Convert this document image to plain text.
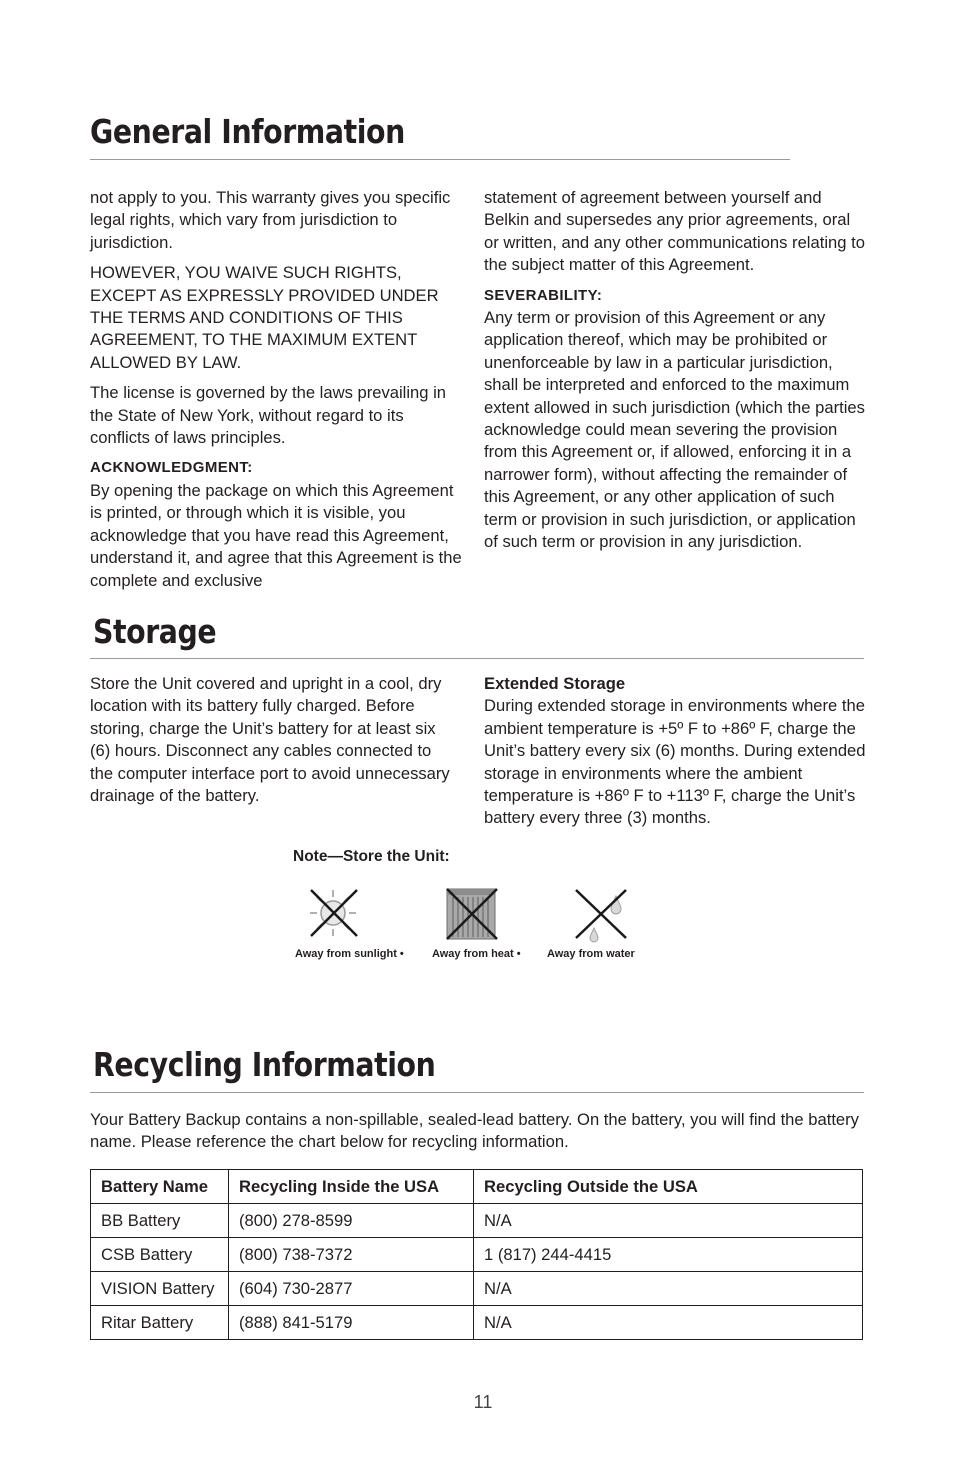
General Information

not apply to you. This warranty gives you specific legal rights, which vary from jurisdiction to jurisdiction.

HOWEVER, YOU WAIVE SUCH RIGHTS, EXCEPT AS EXPRESSLY PROVIDED UNDER THE TERMS AND CONDITIONS OF THIS AGREEMENT, TO THE MAXIMUM EXTENT ALLOWED BY LAW.

The license is governed by the laws prevailing in the State of New York, without regard to its conflicts of laws principles.

ACKNOWLEDGMENT:
By opening the package on which this Agreement is printed, or through which it is visible, you acknowledge that you have read this Agreement, understand it, and agree that this Agreement is the complete and exclusive

statement of agreement between yourself and Belkin and supersedes any prior agreements, oral or written, and any other communications relating to the subject matter of this Agreement.

SEVERABILITY:
Any term or provision of this Agreement or any application thereof, which may be prohibited or unenforceable by law in a particular jurisdiction, shall be interpreted and enforced to the maximum extent allowed in such jurisdiction (which the parties acknowledge could mean severing the provision from this Agreement or, if allowed, enforcing it in a narrower form), without affecting the remainder of this Agreement, or any other application of such term or provision in such jurisdiction, or application of such term or provision in any jurisdiction.
Storage
Store the Unit covered and upright in a cool, dry location with its battery fully charged. Before storing, charge the Unit’s battery for at least six (6) hours. Disconnect any cables connected to the computer interface port to avoid unnecessary drainage of the battery.
Extended Storage
During extended storage in environments where the ambient temperature is +5º F to +86º F, charge the Unit’s battery every six (6) months. During extended storage in environments where the ambient temperature is +86º F to +113º F, charge the Unit’s battery every three (3) months.
Note—Store the Unit:
Away from sunlight •	Away from heat • Away from water
Recycling Information
Your Battery Backup contains a non-spillable, sealed-lead battery. On the battery, you will find the battery name. Please reference the chart below for recycling information.
Battery Name	Recycling Inside the USA	Recycling Outside the USA
BB Battery	(800) 278-8599	N/A
CSB Battery	(800) 738-7372	1 (817) 244-4415
VISION Battery	(604) 730-2877	N/A
Ritar Battery	(888) 841-5179	N/A
11
